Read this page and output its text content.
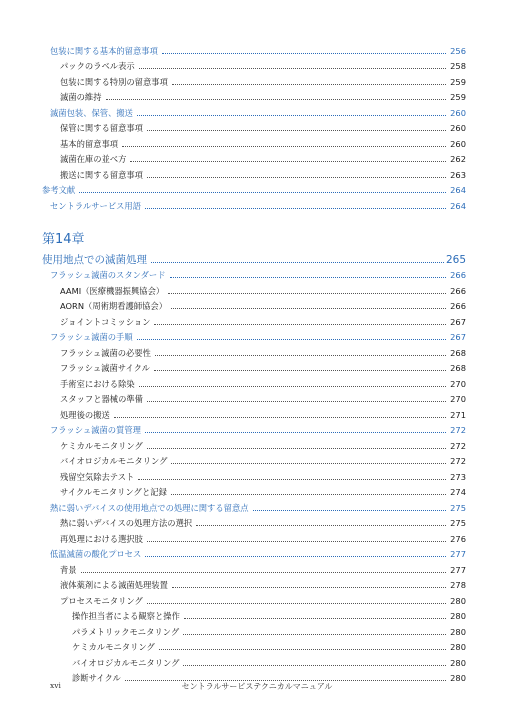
包装に関する基本的留意事項	256
パックのラベル表示	258
包装に関する特別の留意事項	259
滅菌の維持	259
滅菌包装、保管、搬送	260
保管に関する留意事項	260
基本的留意事項	260
滅菌在庫の並べ方	262
搬送に関する留意事項	263
参考文献	264
セントラルサービス用語	264
第14章
使用地点での滅菌処理	265
フラッシュ滅菌のスタンダード	266
AAMI（医療機器振興協会）	266
AORN（周術期看護師協会）	266
ジョイントコミッション	267
フラッシュ滅菌の手順	267
フラッシュ滅菌の必要性	268
フラッシュ滅菌サイクル	268
手術室における除染	270
スタッフと器械の準備	270
処理後の搬送	271
フラッシュ滅菌の質管理	272
ケミカルモニタリング	272
バイオロジカルモニタリング	272
残留空気除去テスト	273
サイクルモニタリングと記録	274
熱に弱いデバイスの使用地点での処理に関する留意点	275
熱に弱いデバイスの処理方法の選択	275
再処理における選択肢	276
低温滅菌の酸化プロセス	277
背景	277
液体薬剤による滅菌処理装置	278
プロセスモニタリング	280
操作担当者による観察と操作	280
パラメトリックモニタリング	280
ケミカルモニタリング	280
バイオロジカルモニタリング	280
診断サイクル	280
xvi	セントラルサービステクニカルマニュアル
